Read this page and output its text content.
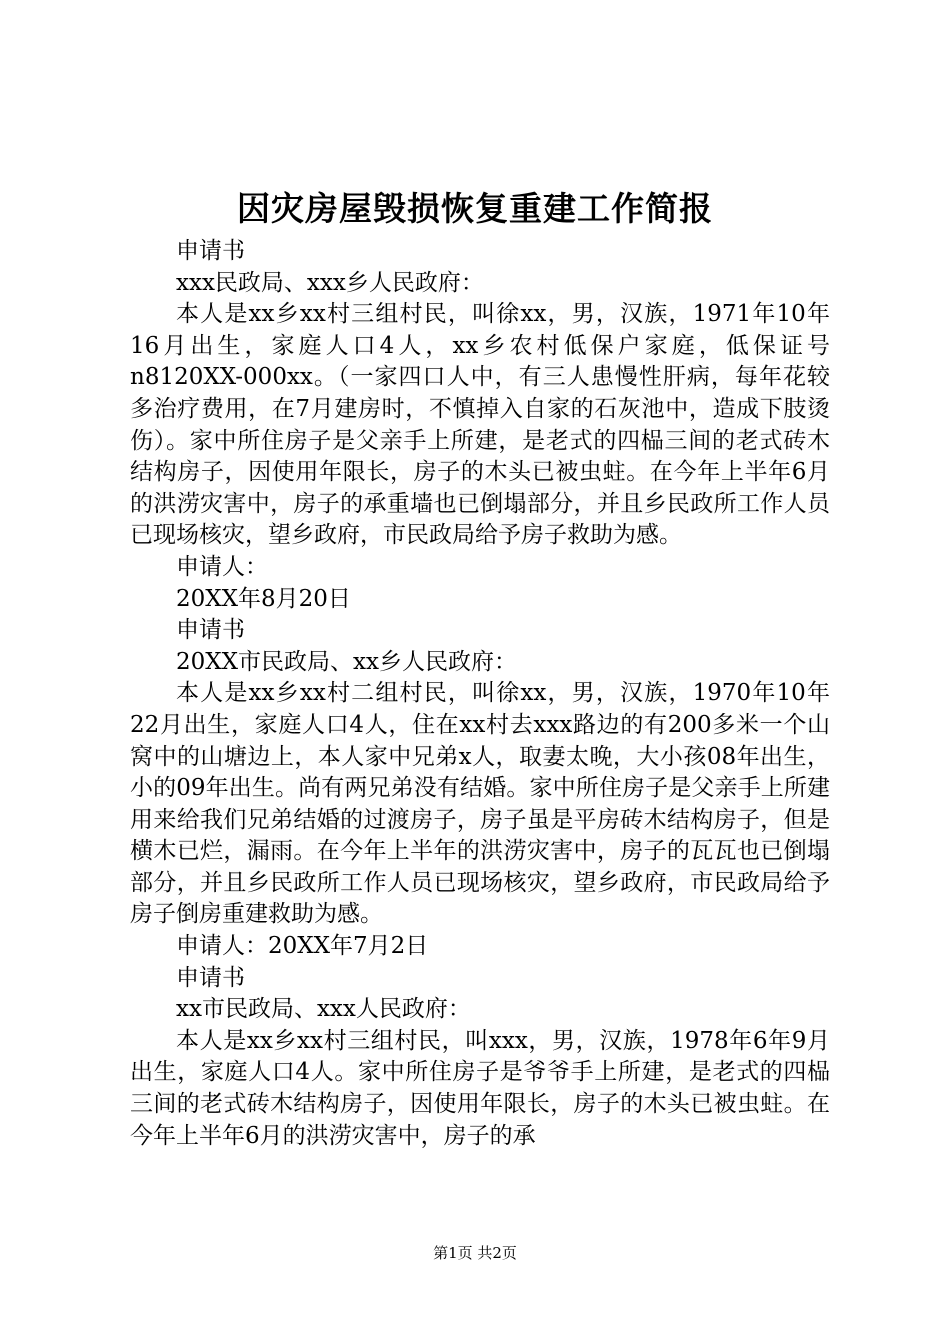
因灾房屋毁损恢复重建工作简报

申请书

xxx民政局、xxx乡人民政府：

本人是xx乡xx村三组村民，叫徐xx，男，汉族，1971年10年16月出生，家庭人口4人，xx乡农村低保户家庭，低保证号n8120XX-000xx。（一家四口人中，有三人患慢性肝病，每年花较多治疗费用，在7月建房时，不慎掉入自家的石灰池中，造成下肢烫伤）。家中所住房子是父亲手上所建，是老式的四榀三间的老式砖木结构房子，因使用年限长，房子的木头已被虫蛀。在今年上半年6月的洪涝灾害中，房子的承重墙也已倒塌部分，并且乡民政所工作人员已现场核灾，望乡政府，市民政局给予房子救助为感。

申请人：

20XX年8月20日

申请书

20XX市民政局、xx乡人民政府：

本人是xx乡xx村二组村民，叫徐xx，男，汉族，1970年10年22月出生，家庭人口4人，住在xx村去xxx路边的有200多米一个山窝中的山塘边上，本人家中兄弟x人，取妻太晚，大小孩08年出生，小的09年出生。尚有两兄弟没有结婚。家中所住房子是父亲手上所建用来给我们兄弟结婚的过渡房子，房子虽是平房砖木结构房子，但是横木已烂，漏雨。在今年上半年的洪涝灾害中，房子的瓦瓦也已倒塌部分，并且乡民政所工作人员已现场核灾，望乡政府，市民政局给予房子倒房重建救助为感。

申请人：20XX年7月2日

申请书

xx市民政局、xxx人民政府：

本人是xx乡xx村三组村民，叫xxx，男，汉族，1978年6年9月出生，家庭人口4人。家中所住房子是爷爷手上所建，是老式的四榀三间的老式砖木结构房子，因使用年限长，房子的木头已被虫蛀。在今年上半年6月的洪涝灾害中，房子的承

第1页 共2页
